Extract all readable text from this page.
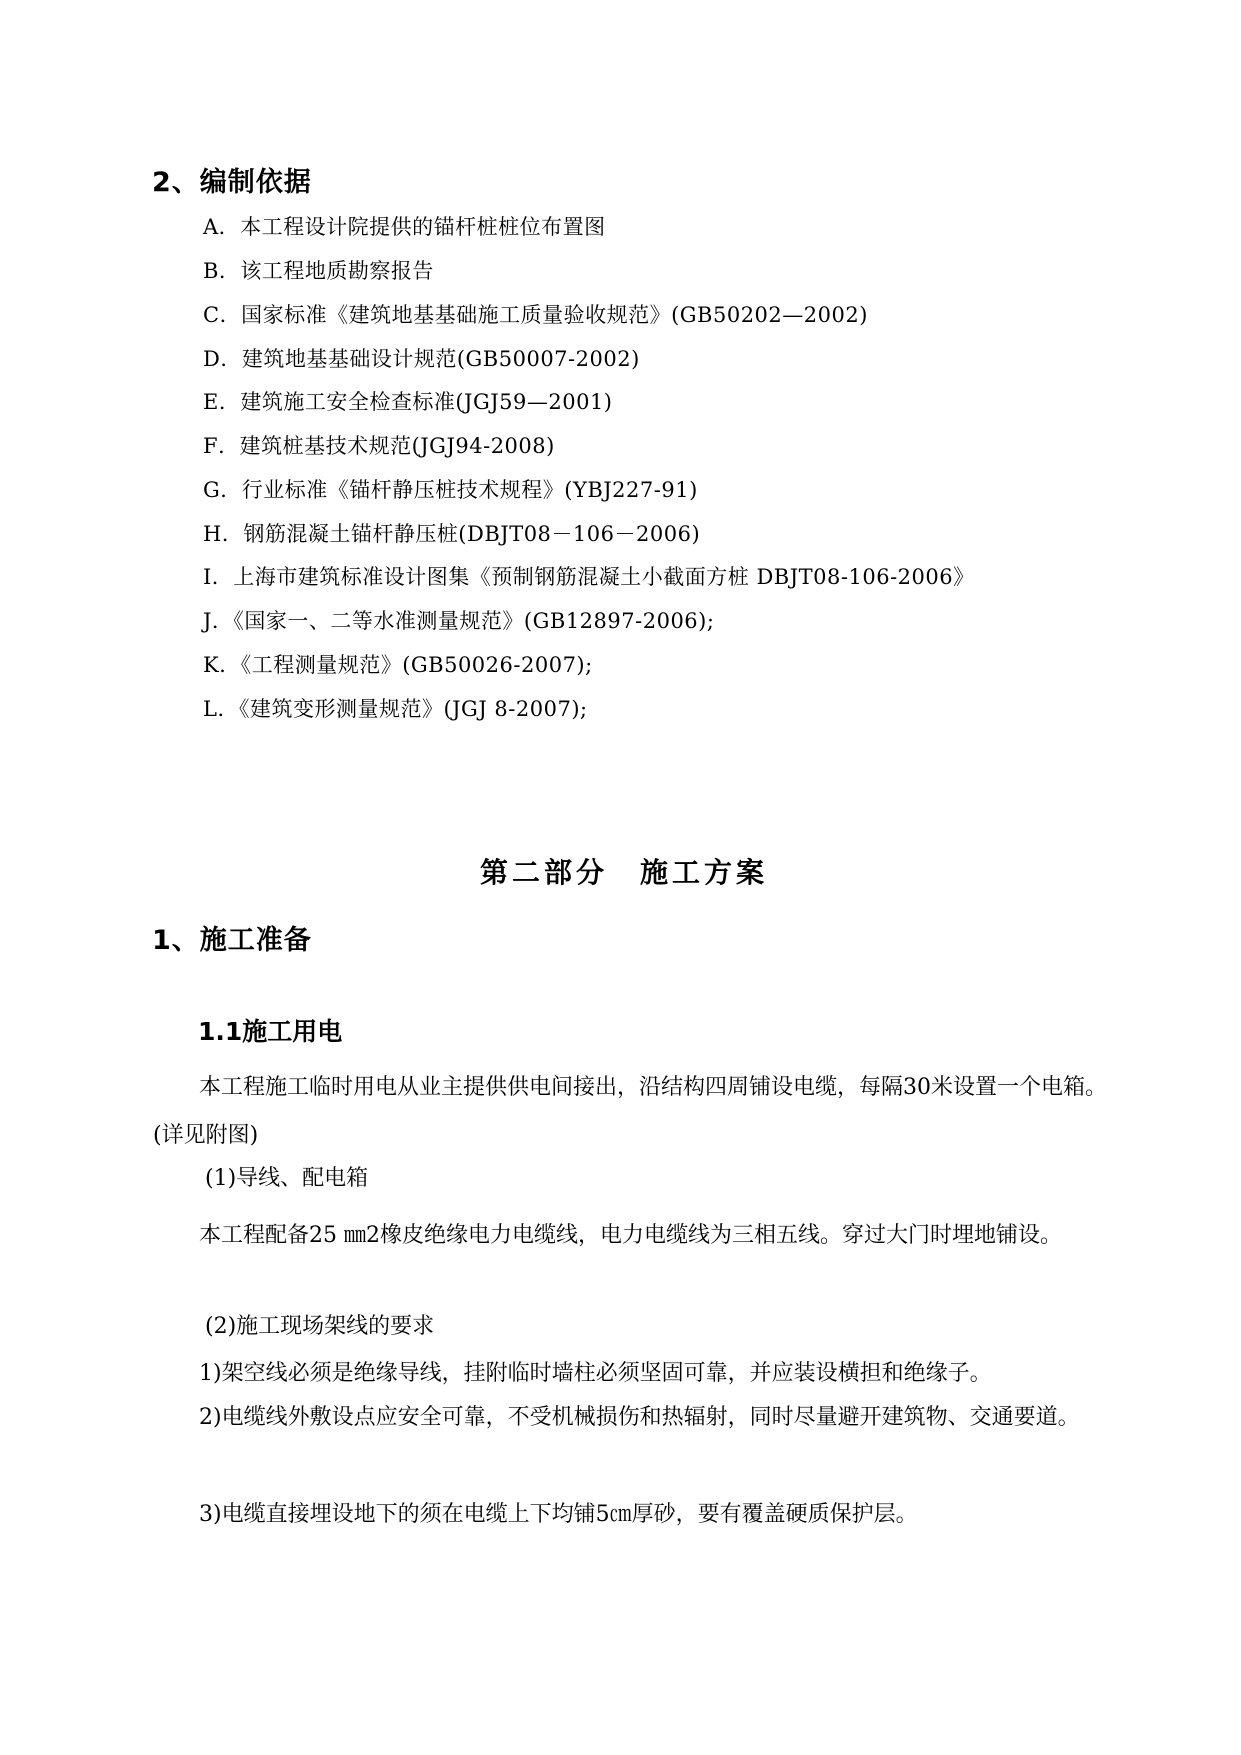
2、编制依据
A．本工程设计院提供的锚杆桩桩位布置图
B．该工程地质勘察报告
C．国家标准《建筑地基基础施工质量验收规范》(GB50202—2002)
D．建筑地基基础设计规范(GB50007-2002)
E．建筑施工安全检查标准(JGJ59—2001)
F．建筑桩基技术规范(JGJ94-2008)
G．行业标准《锚杆静压桩技术规程》(YBJ227-91)
H．钢筋混凝土锚杆静压桩(DBJT08－106－2006)
I．上海市建筑标准设计图集《预制钢筋混凝土小截面方桩 DBJT08-106-2006》
J．《国家一、二等水准测量规范》(GB12897-2006);
K．《工程测量规范》(GB50026-2007);
L．《建筑变形测量规范》(JGJ 8-2007);
第二部分　施工方案
1、施工准备
1.1施工用电
本工程施工临时用电从业主提供供电间接出，沿结构四周铺设电缆，每隔30米设置一个电箱。(详见附图)
(1)导线、配电箱
本工程配备25 ㎜2橡皮绝缘电力电缆线，电力电缆线为三相五线。穿过大门时埋地铺设。
(2)施工现场架线的要求
1)架空线必须是绝缘导线，挂附临时墙柱必须坚固可靠，并应装设横担和绝缘子。
2)电缆线外敷设点应安全可靠，不受机械损伤和热辐射，同时尽量避开建筑物、交通要道。
3)电缆直接埋设地下的须在电缆上下均铺5㎝厚砂，要有覆盖硬质保护层。
